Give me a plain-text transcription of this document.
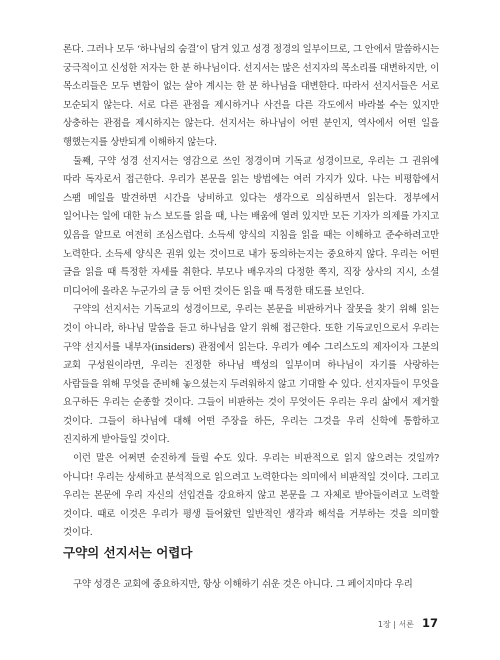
론다. 그러나 모두 ‘하나님의 숨결’이 담겨 있고 성경 정경의 일부이므로, 그 안에서 말씀하시는 궁극적이고 신성한 저자는 한 분 하나님이다. 선지서는 많은 선지자의 목소리를 대변하지만, 이 목소리들은 모두 변함이 없는 살아 계시는 한 분 하나님을 대변한다. 따라서 선지서들은 서로 모순되지 않는다. 서로 다른 관점을 제시하거나 사건을 다른 각도에서 바라볼 수는 있지만 상충하는 관점을 제시하지는 않는다. 선지서는 하나님이 어떤 분인지, 역사에서 어떤 일을 행했는지를 상반되게 이해하지 않는다.

둘째, 구약 성경 선지서는 영감으로 쓰인 정경이며 기독교 성경이므로, 우리는 그 권위에 따라 독자로서 접근한다. 우리가 본문을 읽는 방법에는 여러 가지가 있다. 나는 비평함에서 스팸 메일을 발견하면 시간을 낭비하고 있다는 생각으로 의심하면서 읽는다. 정부에서 일어나는 일에 대한 뉴스 보도를 읽을 때, 나는 배움에 열려 있지만 모든 기자가 의제를 가지고 있음을 알므로 여전히 조심스럽다. 소득세 양식의 지침을 읽을 때는 이해하고 준수하려고만 노력한다. 소득세 양식은 권위 있는 것이므로 내가 동의하는지는 중요하지 않다. 우리는 어떤 글을 읽을 때 특정한 자세를 취한다. 부모나 배우자의 다정한 쪽지, 직장 상사의 지시, 소셜 미디어에 올라온 누군가의 글 등 어떤 것이든 읽을 때 특정한 태도를 보인다.

구약의 선지서는 기독교의 성경이므로, 우리는 본문을 비판하거나 잘못을 찾기 위해 읽는 것이 아니라, 하나님 말씀을 듣고 하나님을 알기 위해 접근한다. 또한 기독교인으로서 우리는 구약 선지서를 내부자(insiders) 관점에서 읽는다. 우리가 예수 그리스도의 제자이자 그분의 교회 구성원이라면, 우리는 진정한 하나님 백성의 일부이며 하나님이 자기를 사랑하는 사람들을 위해 무엇을 준비해 놓으셨는지 두려워하지 않고 기대할 수 있다. 선지자들이 무엇을 요구하든 우리는 순종할 것이다. 그들이 비판하는 것이 무엇이든 우리는 우리 삶에서 제거할 것이다. 그들이 하나님에 대해 어떤 주장을 하든, 우리는 그것을 우리 신학에 통합하고 진지하게 받아들일 것이다.

이런 말은 어쩌면 순진하게 들릴 수도 있다. 우리는 비판적으로 읽지 않으려는 것일까? 아니다! 우리는 상세하고 분석적으로 읽으려고 노력한다는 의미에서 비판적일 것이다. 그리고 우리는 본문에 우리 자신의 선입견을 강요하지 않고 본문을 그 자체로 받아들이려고 노력할 것이다. 때로 이것은 우리가 평생 들어왔던 일반적인 생각과 해석을 거부하는 것을 의미할 것이다.

구약의 선지서는 어렵다

구약 성경은 교회에 중요하지만, 항상 이해하기 쉬운 것은 아니다. 그 페이지마다 우리

1장 | 서론 17
